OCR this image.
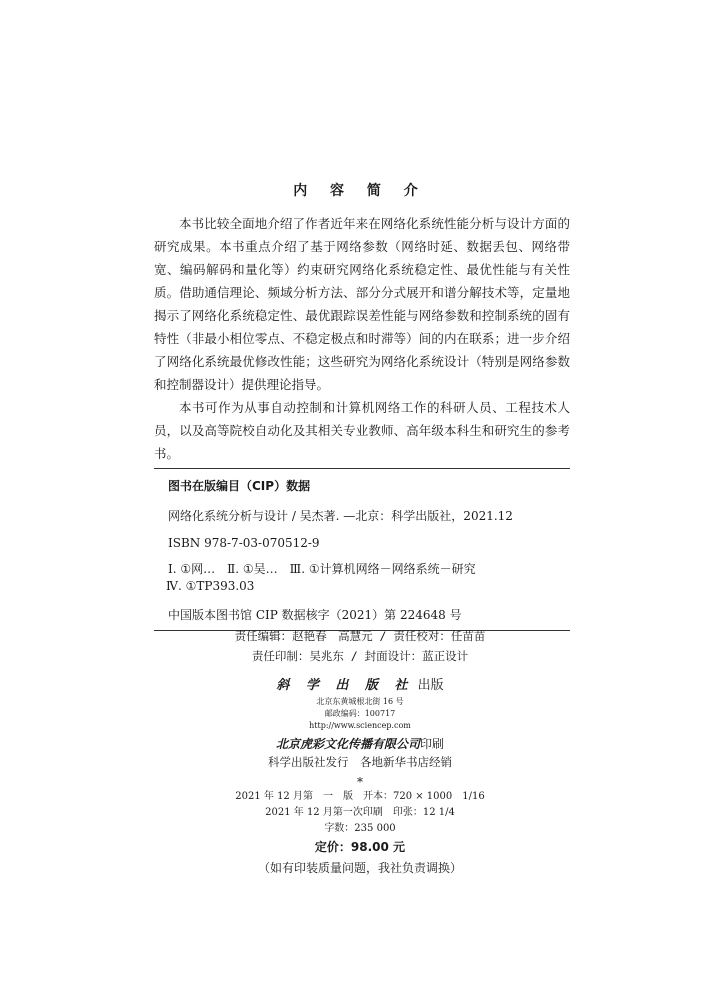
内 容 简 介

本书比较全面地介绍了作者近年来在网络化系统性能分析与设计方面的研究成果。本书重点介绍了基于网络参数（网络时延、数据丢包、网络带宽、编码解码和量化等）约束研究网络化系统稳定性、最优性能与有关性质。借助通信理论、频域分析方法、部分分式展开和谱分解技术等，定量地揭示了网络化系统稳定性、最优跟踪误差性能与网络参数和控制系统的固有特性（非最小相位零点、不稳定极点和时滞等）间的内在联系；进一步介绍了网络化系统最优修改性能；这些研究为网络化系统设计（特别是网络参数和控制器设计）提供理论指导。

本书可作为从事自动控制和计算机网络工作的科研人员、工程技术人员，以及高等院校自动化及其相关专业教师、高年级本科生和研究生的参考书。

图书在版编目（CIP）数据
网络化系统分析与设计 / 吴杰著. —北京：科学出版社，2021.12
ISBN 978-7-03-070512-9
Ⅰ. ①网…　Ⅱ. ①吴…　Ⅲ. ①计算机网络－网络系统－研究
Ⅳ. ①TP393.03
中国版本图书馆 CIP 数据核字（2021）第 224648 号
责任编辑：赵艳春　高慧元 / 责任校对：任苗苗
责任印制：吴兆东 / 封面设计：蓝正设计
斜 学 出 版 社 出版
北京东黄城根北街 16 号
邮政编码：100717
http://www.sciencep.com
北京虎彩文化传播有限公司印刷
科学出版社发行　各地新华书店经销
*
2021 年 12 月第　一　版　开本：720 × 1000　1/16
2021 年 12 月第一次印刷　印张：12 1/4
字数：235 000
定价：98.00 元
（如有印装质量问题，我社负责调换）
